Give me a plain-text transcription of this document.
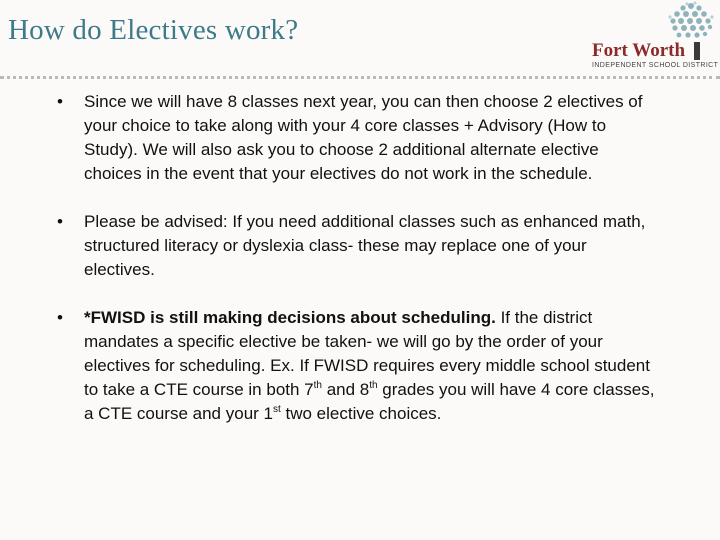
How do Electives work?
Fort Worth
INDEPENDENT SCHOOL DISTRICT
• Since we will have 8 classes next year, you can then choose 2 electives of your choice to take along with your 4 core classes + Advisory (How to Study). We will also ask you to choose 2 additional alternate elective choices in the event that your electives do not work in the schedule.
• Please be advised: If you need additional classes such as enhanced math, structured literacy or dyslexia class- these may replace one of your electives.
• *FWISD is still making decisions about scheduling. If the district mandates a specific elective be taken- we will go by the order of your electives for scheduling. Ex. If FWISD requires every middle school student to take a CTE course in both 7th and 8th grades you will have 4 core classes, a CTE course and your 1st two elective choices.
